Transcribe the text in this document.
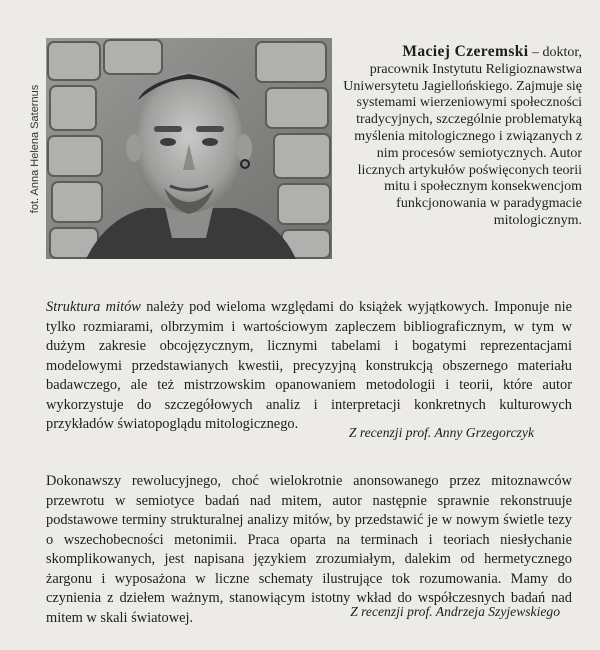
fot. Anna Helena Saternus
Maciej Czeremski – doktor, pracownik Instytutu Religioznawstwa Uniwersytetu Jagiellońskiego. Zajmuje się systemami wierzeniowymi społeczności tradycyjnych, szczególnie problematyką myślenia mitologicznego i związanych z nim procesów semiotycznych. Autor licznych artykułów poświęconych teorii mitu i społecznym konsekwencjom funkcjonowania w paradygmacie mitologicznym.
Struktura mitów należy pod wieloma względami do książek wyjątkowych. Imponuje nie tylko rozmiarami, olbrzymim i wartościowym zapleczem bibliograficznym, w tym w dużym zakresie obcojęzycznym, licznymi tabelami i bogatymi reprezentacjami modelowymi przedstawianych kwestii, precyzyjną konstrukcją obszernego materiału badawczego, ale też mistrzowskim opanowaniem metodologii i teorii, które autor wykorzystuje do szczegółowych analiz i interpretacji konkretnych kulturowych przykładów światopoglądu mitologicznego.
Z recenzji prof. Anny Grzegorczyk
Dokonawszy rewolucyjnego, choć wielokrotnie anonsowanego przez mitoznawców przewrotu w semiotyce badań nad mitem, autor następnie sprawnie rekonstruuje podstawowe terminy strukturalnej analizy mitów, by przedstawić je w nowym świetle tezy o wszechobecności metonimii. Praca oparta na terminach i teoriach niesłychanie skomplikowanych, jest napisana językiem zrozumiałym, dalekim od hermetycznego żargonu i wyposażona w liczne schematy ilustrujące tok rozumowania. Mamy do czynienia z dziełem ważnym, stanowiącym istotny wkład do współczesnych badań nad mitem w skali światowej.	Z recenzji prof. Andrzeja Szyjewskiego
